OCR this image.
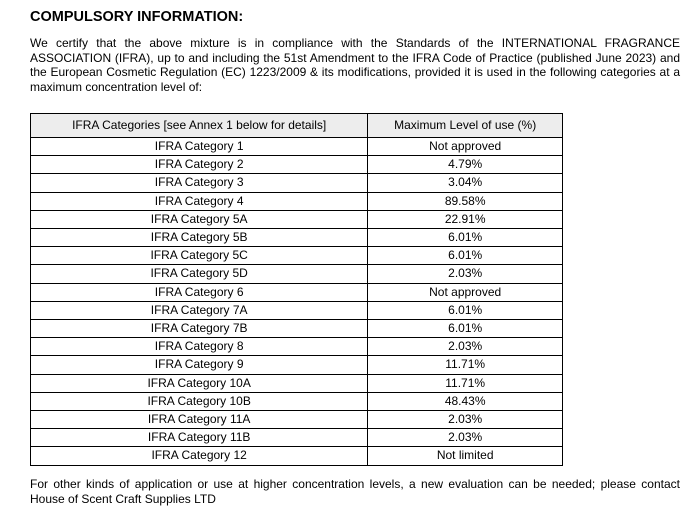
COMPULSORY INFORMATION:

We certify that the above mixture is in compliance with the Standards of the INTERNATIONAL FRAGRANCE ASSOCIATION (IFRA), up to and including the 51st Amendment to the IFRA Code of Practice (published June 2023) and the European Cosmetic Regulation (EC) 1223/2009 & its modifications, provided it is used in the following categories at a maximum concentration level of:

IFRA Categories [see Annex 1 below for details]	Maximum Level of use (%)
IFRA Category 1	Not approved
IFRA Category 2	4.79%
IFRA Category 3	3.04%
IFRA Category 4	89.58%
IFRA Category 5A	22.91%
IFRA Category 5B	6.01%
IFRA Category 5C	6.01%
IFRA Category 5D	2.03%
IFRA Category 6	Not approved
IFRA Category 7A	6.01%
IFRA Category 7B	6.01%
IFRA Category 8	2.03%
IFRA Category 9	11.71%
IFRA Category 10A	11.71%
IFRA Category 10B	48.43%
IFRA Category 11A	2.03%
IFRA Category 11B	2.03%
IFRA Category 12	Not limited

For other kinds of application or use at higher concentration levels, a new evaluation can be needed; please contact House of Scent Craft Supplies LTD
